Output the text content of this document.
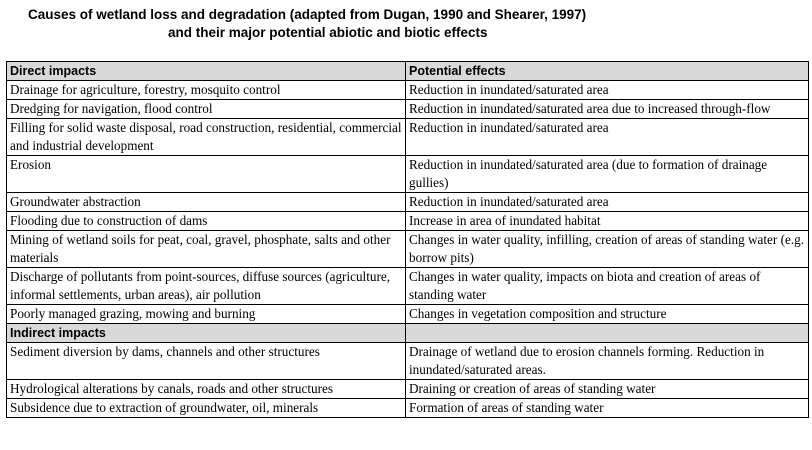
Causes of wetland loss and degradation (adapted from Dugan, 1990 and Shearer, 1997)
and their major potential abiotic and biotic effects
Direct impacts	Potential effects
Drainage for agriculture, forestry, mosquito control	Reduction in inundated/saturated area
Dredging for navigation, flood control	Reduction in inundated/saturated area due to increased through-flow
Filling for solid waste disposal, road construction, residential, commercial and industrial development	Reduction in inundated/saturated area
Erosion	Reduction in inundated/saturated area (due to formation of drainage gullies)
Groundwater abstraction	Reduction in inundated/saturated area
Flooding due to construction of dams	Increase in area of inundated habitat
Mining of wetland soils for peat, coal, gravel, phosphate, salts and other materials	Changes in water quality, infilling, creation of areas of standing water (e.g. borrow pits)
Discharge of pollutants from point-sources, diffuse sources (agriculture, informal settlements, urban areas), air pollution	Changes in water quality, impacts on biota and creation of areas of standing water
Poorly managed grazing, mowing and burning	Changes in vegetation composition and structure
Indirect impacts	
Sediment diversion by dams, channels and other structures	Drainage of wetland due to erosion channels forming. Reduction in inundated/saturated areas.
Hydrological alterations by canals, roads and other structures	Draining or creation of areas of standing water
Subsidence due to extraction of groundwater, oil, minerals	Formation of areas of standing water
